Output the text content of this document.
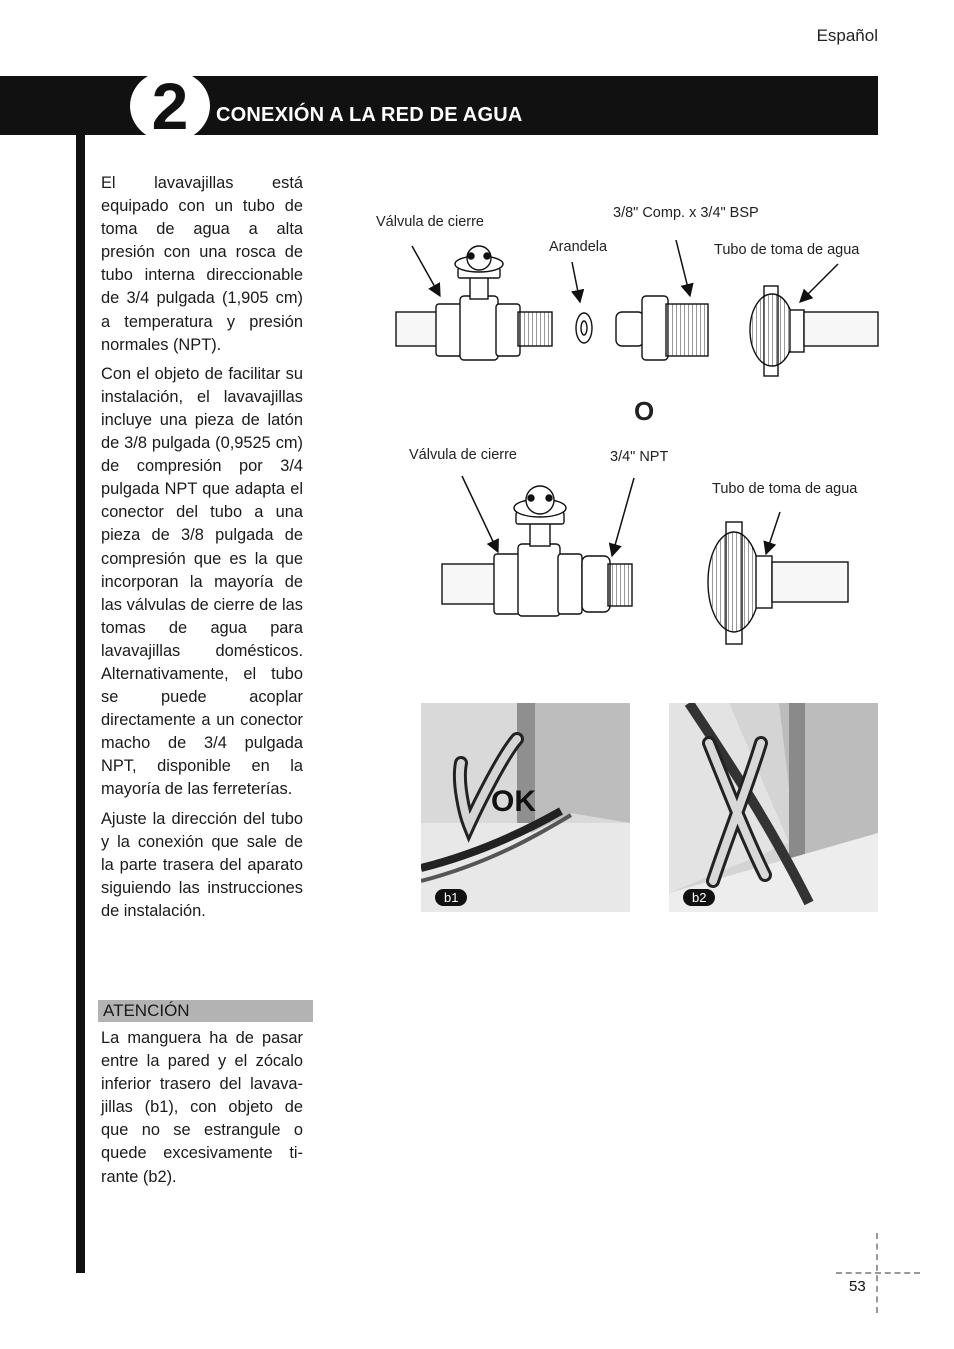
Español
2	CONEXIÓN A LA RED DE AGUA

El lavavajillas está equipado con un tubo de toma de agua a alta presión con una rosca de tubo interna direccionable de 3/4 pulgada (1,905 cm) a temperatura y presión normales (NPT).

Con el objeto de facilitar su instalación, el lavavajillas incluye una pieza de latón de 3/8 pulgada (0,9525 cm) de compresión por 3/4 pulgada NPT que adapta el conector del tubo a una pieza de 3/8 pulgada de compresión que es la que incorporan la mayoría de las válvulas de cierre de las tomas de agua para lavavajillas domésticos. Alternativamente, el tubo se puede acoplar directamente a un conector macho de 3/4 pulgada NPT, disponible en la mayoría de las ferreterías.

Ajuste la dirección del tubo y la conexión que sale de la parte trasera del aparato siguiendo las instrucciones de instalación.

ATENCIÓN

La manguera ha de pasar entre la pared y el zócalo inferior trasero del lavava-jillas (b1), con objeto de que no se estrangule o quede excesivamente ti-rante (b2).

Válvula de cierre
3/8" Comp. x 3/4" BSP
Arandela	Tubo de toma de agua
O
Válvula de cierre	3/4" NPT
Tubo de toma de agua
OK
b1
X
b2
53
